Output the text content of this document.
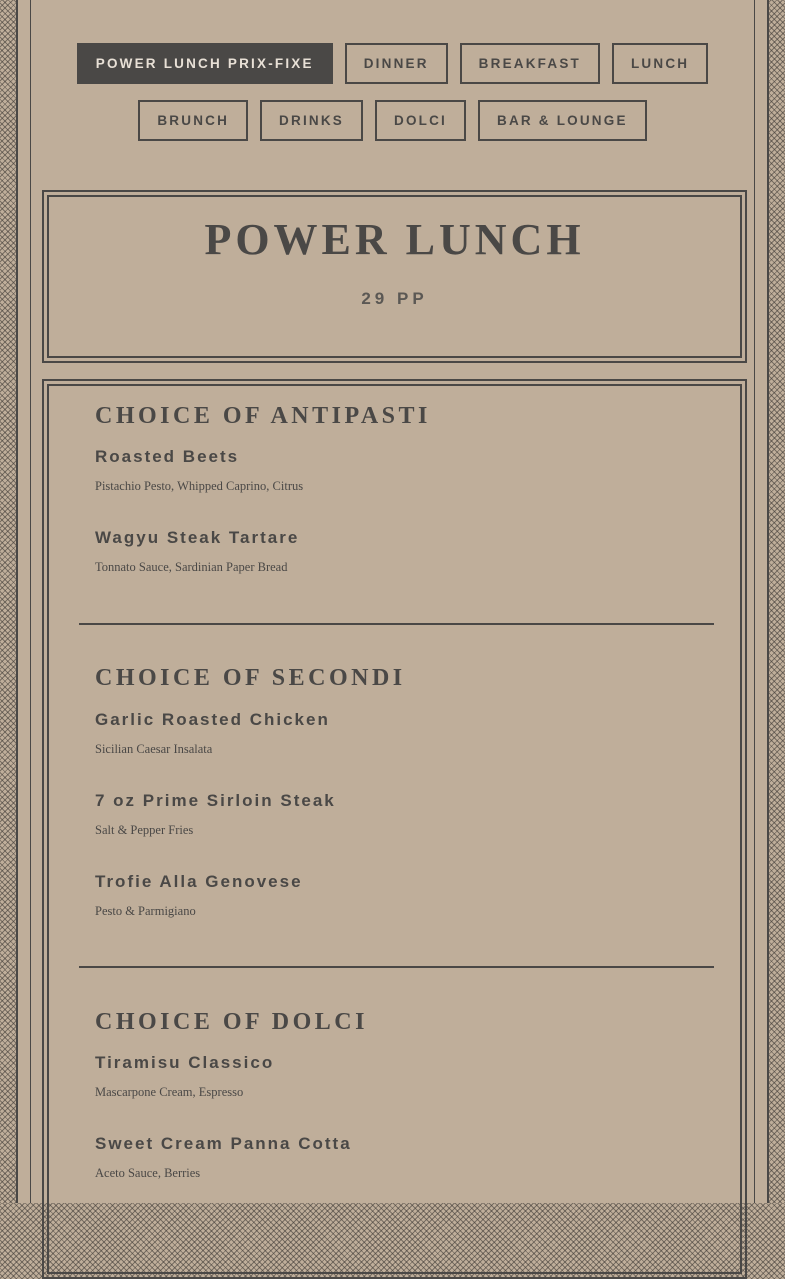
POWER LUNCH PRIX-FIXE	DINNER	BREAKFAST	LUNCH
BRUNCH	DRINKS	DOLCI	BAR & LOUNGE
POWER LUNCH
29 PP
CHOICE OF ANTIPASTI
Roasted Beets
Pistachio Pesto, Whipped Caprino, Citrus
Wagyu Steak Tartare
Tonnato Sauce, Sardinian Paper Bread
CHOICE OF SECONDI
Garlic Roasted Chicken
Sicilian Caesar Insalata
7 oz Prime Sirloin Steak
Salt & Pepper Fries
Trofie Alla Genovese
Pesto & Parmigiano
CHOICE OF DOLCI
Tiramisu Classico
Mascarpone Cream, Espresso
Sweet Cream Panna Cotta
Aceto Sauce, Berries
